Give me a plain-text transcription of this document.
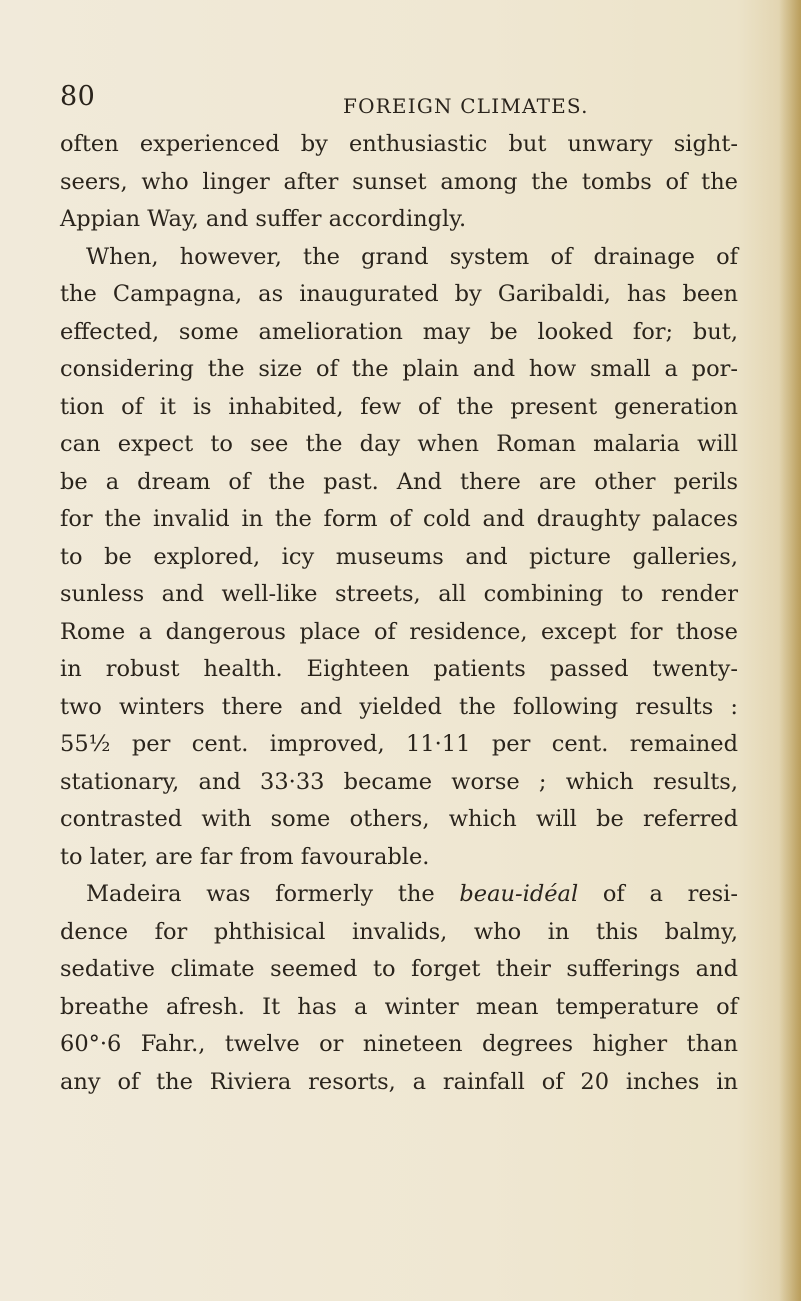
80	FOREIGN CLIMATES.
often experienced by enthusiastic but unwary sight-
seers, who linger after sunset among the tombs of the
Appian Way, and suffer accordingly.
When, however, the grand system of drainage of
the Campagna, as inaugurated by Garibaldi, has been
effected, some amelioration may be looked for; but,
considering the size of the plain and how small a por-
tion of it is inhabited, few of the present generation
can expect to see the day when Roman malaria will
be a dream of the past. And there are other perils
for the invalid in the form of cold and draughty palaces
to be explored, icy museums and picture galleries,
sunless and well-like streets, all combining to render
Rome a dangerous place of residence, except for those
in robust health. Eighteen patients passed twenty-
two winters there and yielded the following results :
55½ per cent. improved, 11·11 per cent. remained
stationary, and 33·33 became worse ; which results,
contrasted with some others, which will be referred
to later, are far from favourable.
Madeira was formerly the beau-idéal of a resi-
dence for phthisical invalids, who in this balmy,
sedative climate seemed to forget their sufferings and
breathe afresh. It has a winter mean temperature of
60°·6 Fahr., twelve or nineteen degrees higher than
any of the Riviera resorts, a rainfall of 20 inches in
